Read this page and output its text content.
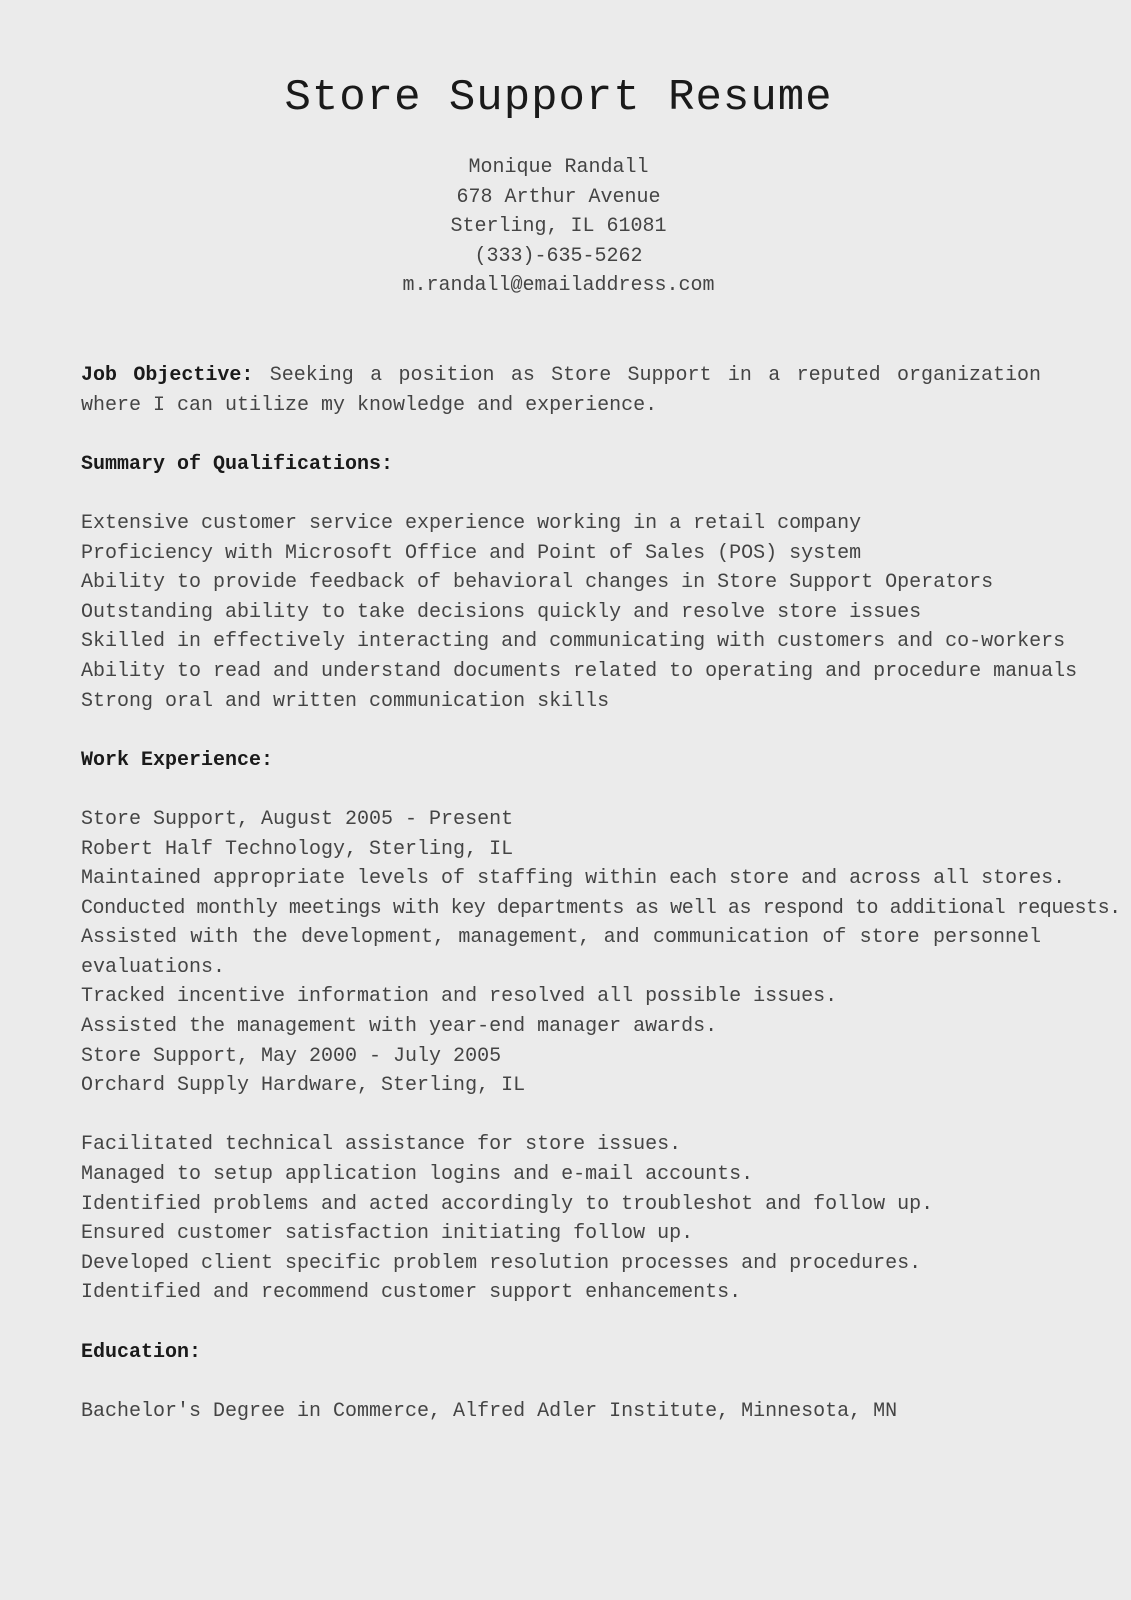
Store Support Resume
Monique Randall
678 Arthur Avenue
Sterling, IL 61081
(333)-635-5262
m.randall@emailaddress.com
Job Objective: Seeking a position as Store Support in a reputed organization where I can utilize my knowledge and experience.
Summary of Qualifications:
Extensive customer service experience working in a retail company
Proficiency with Microsoft Office and Point of Sales (POS) system
Ability to provide feedback of behavioral changes in Store Support Operators
Outstanding ability to take decisions quickly and resolve store issues
Skilled in effectively interacting and communicating with customers and co-workers
Ability to read and understand documents related to operating and procedure manuals
Strong oral and written communication skills
Work Experience:
Store Support, August 2005 - Present
Robert Half Technology, Sterling, IL
Maintained appropriate levels of staffing within each store and across all stores.
Conducted monthly meetings with key departments as well as respond to additional requests.
Assisted with the development, management, and communication of store personnel evaluations.
Tracked incentive information and resolved all possible issues.
Assisted the management with year-end manager awards.
Store Support, May 2000 - July 2005
Orchard Supply Hardware, Sterling, IL
Facilitated technical assistance for store issues.
Managed to setup application logins and e-mail accounts.
Identified problems and acted accordingly to troubleshot and follow up.
Ensured customer satisfaction initiating follow up.
Developed client specific problem resolution processes and procedures.
Identified and recommend customer support enhancements.
Education:
Bachelor's Degree in Commerce, Alfred Adler Institute, Minnesota, MN
